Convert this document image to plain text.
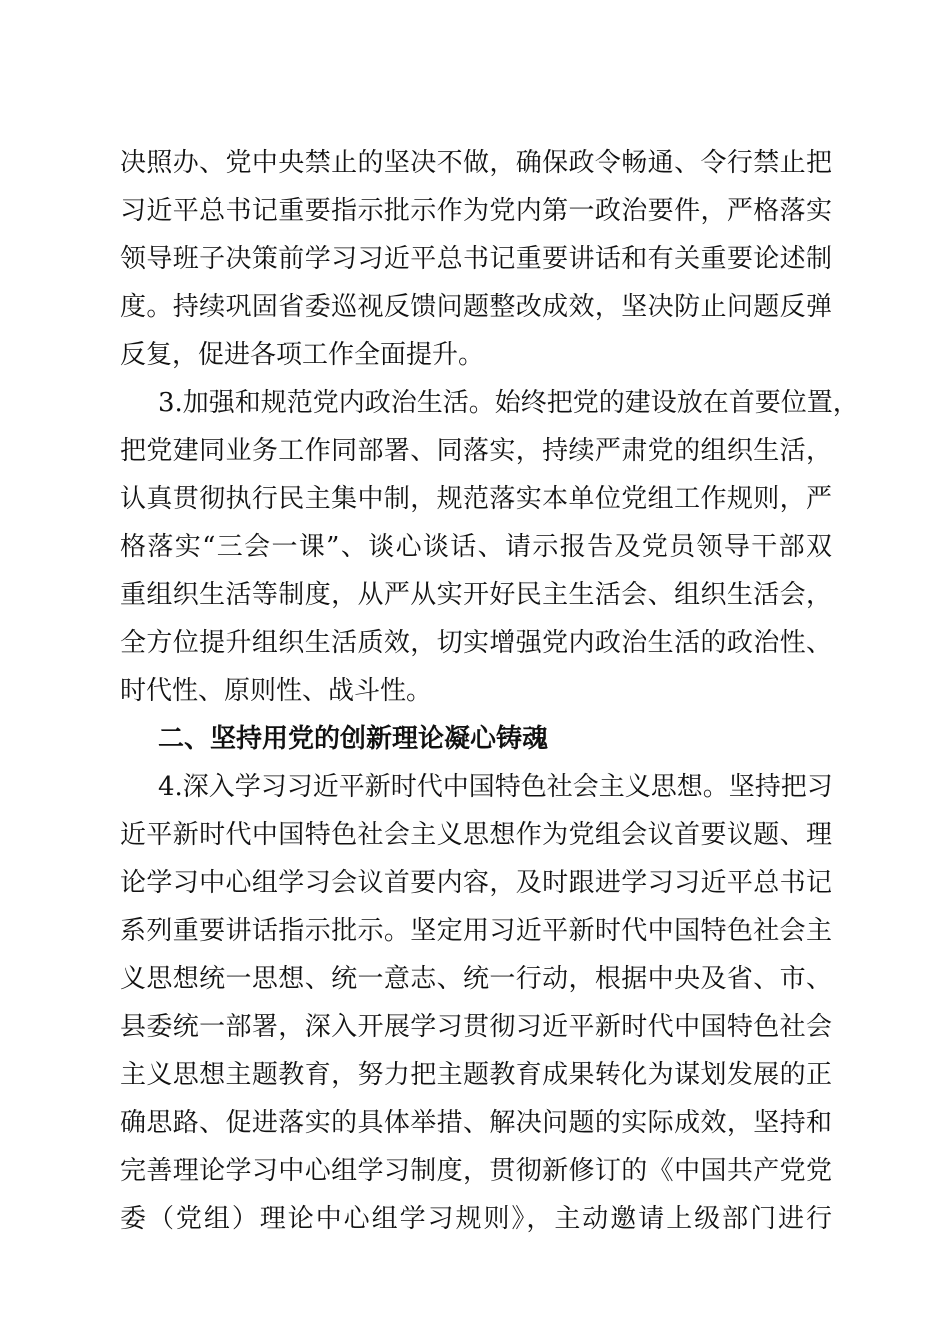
决照办、党中央禁止的坚决不做，确保政令畅通、令行禁止把
习近平总书记重要指示批示作为党内第一政治要件，严格落实
领导班子决策前学习习近平总书记重要讲话和有关重要论述制
度。持续巩固省委巡视反馈问题整改成效，坚决防止问题反弹
反复，促进各项工作全面提升。
3.加强和规范党内政治生活。始终把党的建设放在首要位置，
把党建同业务工作同部署、同落实，持续严肃党的组织生活，
认真贯彻执行民主集中制，规范落实本单位党组工作规则，严
格落实“三会一课”、谈心谈话、请示报告及党员领导干部双
重组织生活等制度，从严从实开好民主生活会、组织生活会，
全方位提升组织生活质效，切实增强党内政治生活的政治性、
时代性、原则性、战斗性。
二、坚持用党的创新理论凝心铸魂
4.深入学习习近平新时代中国特色社会主义思想。坚持把习
近平新时代中国特色社会主义思想作为党组会议首要议题、理
论学习中心组学习会议首要内容，及时跟进学习习近平总书记
系列重要讲话指示批示。坚定用习近平新时代中国特色社会主
义思想统一思想、统一意志、统一行动，根据中央及省、市、
县委统一部署，深入开展学习贯彻习近平新时代中国特色社会
主义思想主题教育，努力把主题教育成果转化为谋划发展的正
确思路、促进落实的具体举措、解决问题的实际成效，坚持和
完善理论学习中心组学习制度，贯彻新修订的《中国共产党党
委（党组）理论中心组学习规则》，主动邀请上级部门进行
